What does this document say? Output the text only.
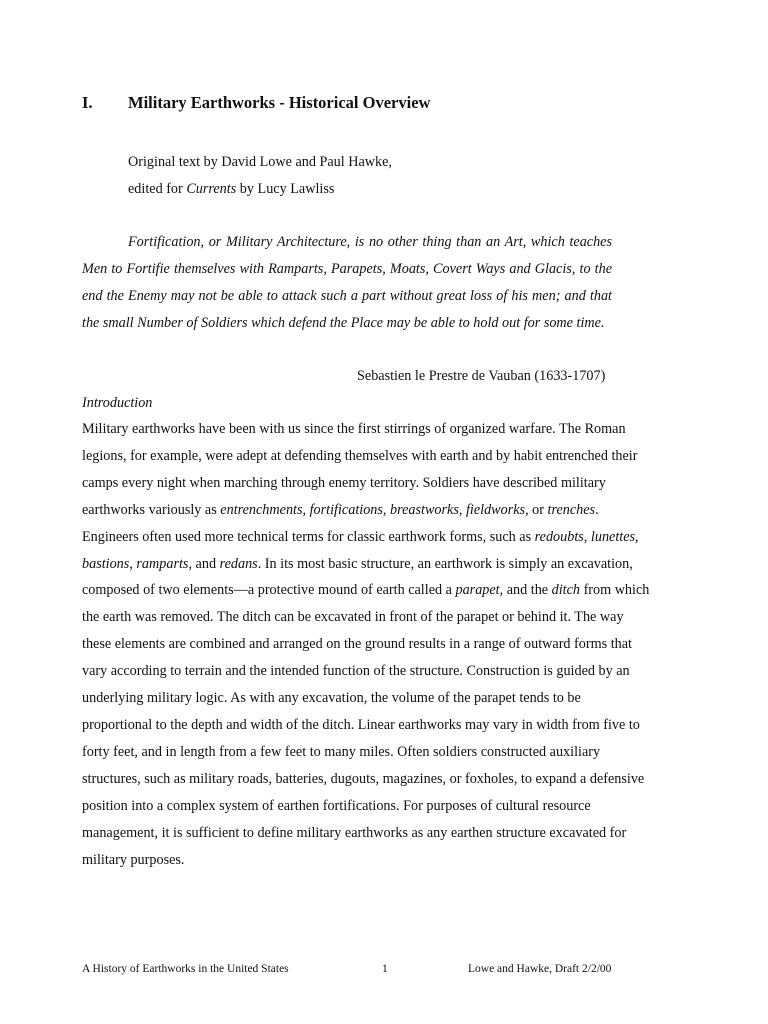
I. Military Earthworks - Historical Overview
Original text by David Lowe and Paul Hawke,
edited for Currents by Lucy Lawliss

Fortification, or Military Architecture, is no other thing than an Art, which teaches Men to Fortifie themselves with Ramparts, Parapets, Moats, Covert Ways and Glacis, to the end the Enemy may not be able to attack such a part without great loss of his men; and that the small Number of Soldiers which defend the Place may be able to hold out for some time.

Sebastien le Prestre de Vauban (1633-1707)
Introduction
Military earthworks have been with us since the first stirrings of organized warfare. The Roman
legions, for example, were adept at defending themselves with earth and by habit entrenched their
camps every night when marching through enemy territory. Soldiers have described military
earthworks variously as entrenchments, fortifications, breastworks, fieldworks, or trenches.
Engineers often used more technical terms for classic earthwork forms, such as redoubts, lunettes,
bastions, ramparts, and redans. In its most basic structure, an earthwork is simply an excavation,
composed of two elements—a protective mound of earth called a parapet, and the ditch from which
the earth was removed. The ditch can be excavated in front of the parapet or behind it. The way
these elements are combined and arranged on the ground results in a range of outward forms that
vary according to terrain and the intended function of the structure. Construction is guided by an
underlying military logic. As with any excavation, the volume of the parapet tends to be
proportional to the depth and width of the ditch. Linear earthworks may vary in width from five to
forty feet, and in length from a few feet to many miles. Often soldiers constructed auxiliary
structures, such as military roads, batteries, dugouts, magazines, or foxholes, to expand a defensive
position into a complex system of earthen fortifications. For purposes of cultural resource
management, it is sufficient to define military earthworks as any earthen structure excavated for
military purposes.
A History of Earthworks in the United States	1	Lowe and Hawke, Draft 2/2/00
